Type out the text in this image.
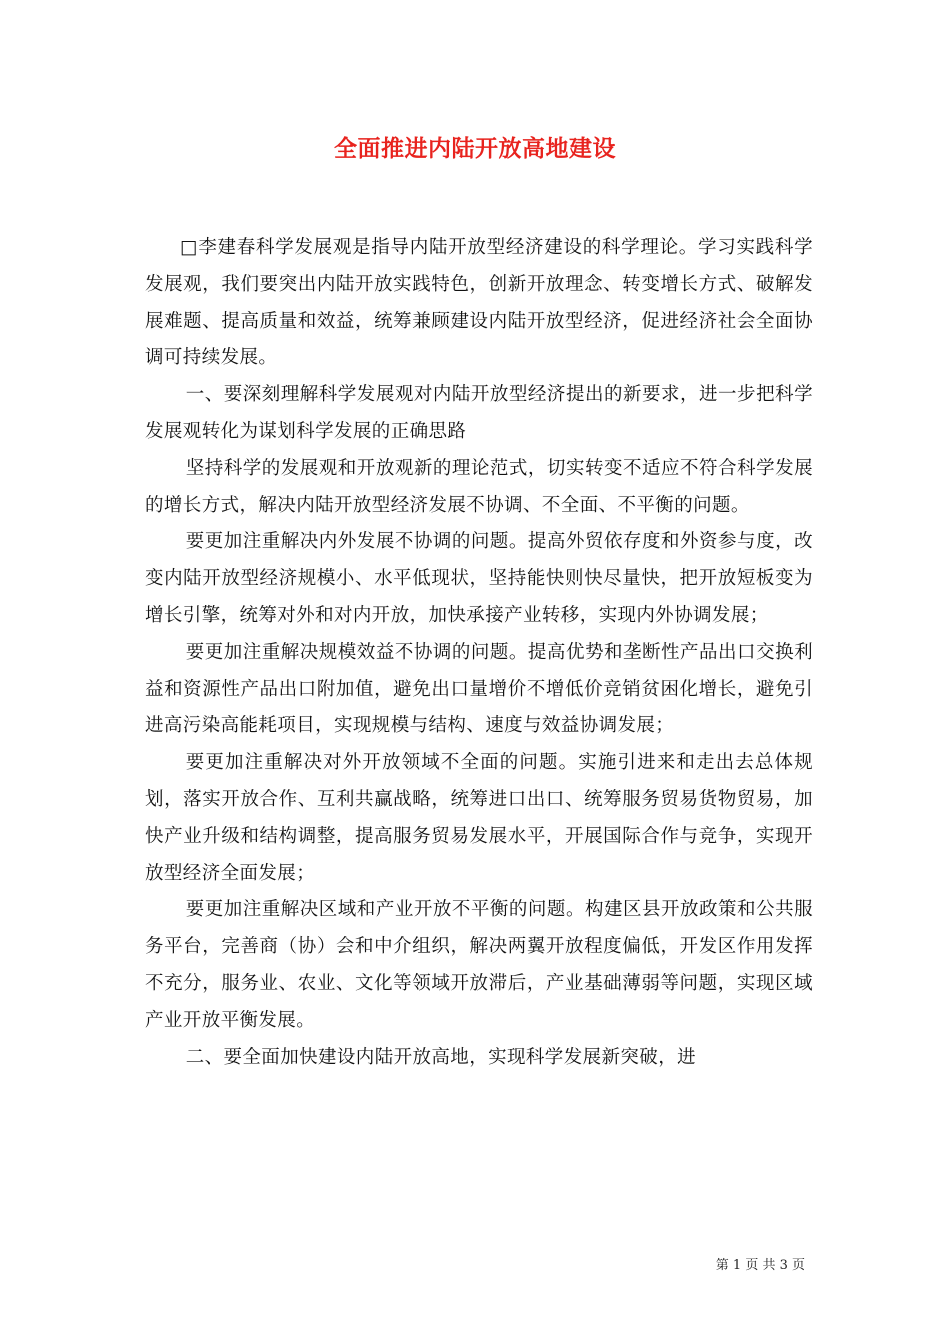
全面推进内陆开放高地建设

□李建春科学发展观是指导内陆开放型经济建设的科学理论。学习实践科学发展观，我们要突出内陆开放实践特色，创新开放理念、转变增长方式、破解发展难题、提高质量和效益，统筹兼顾建设内陆开放型经济，促进经济社会全面协调可持续发展。

一、要深刻理解科学发展观对内陆开放型经济提出的新要求，进一步把科学发展观转化为谋划科学发展的正确思路

坚持科学的发展观和开放观新的理论范式，切实转变不适应不符合科学发展的增长方式，解决内陆开放型经济发展不协调、不全面、不平衡的问题。

要更加注重解决内外发展不协调的问题。提高外贸依存度和外资参与度，改变内陆开放型经济规模小、水平低现状，坚持能快则快尽量快，把开放短板变为增长引擎，统筹对外和对内开放，加快承接产业转移，实现内外协调发展；

要更加注重解决规模效益不协调的问题。提高优势和垄断性产品出口交换利益和资源性产品出口附加值，避免出口量增价不增低价竞销贫困化增长，避免引进高污染高能耗项目，实现规模与结构、速度与效益协调发展；

要更加注重解决对外开放领域不全面的问题。实施引进来和走出去总体规划，落实开放合作、互利共赢战略，统筹进口出口、统筹服务贸易货物贸易，加快产业升级和结构调整，提高服务贸易发展水平，开展国际合作与竞争，实现开放型经济全面发展；

要更加注重解决区域和产业开放不平衡的问题。构建区县开放政策和公共服务平台，完善商（协）会和中介组织，解决两翼开放程度偏低，开发区作用发挥不充分，服务业、农业、文化等领域开放滞后，产业基础薄弱等问题，实现区域产业开放平衡发展。

二、要全面加快建设内陆开放高地，实现科学发展新突破，进

第 1 页 共 3 页
